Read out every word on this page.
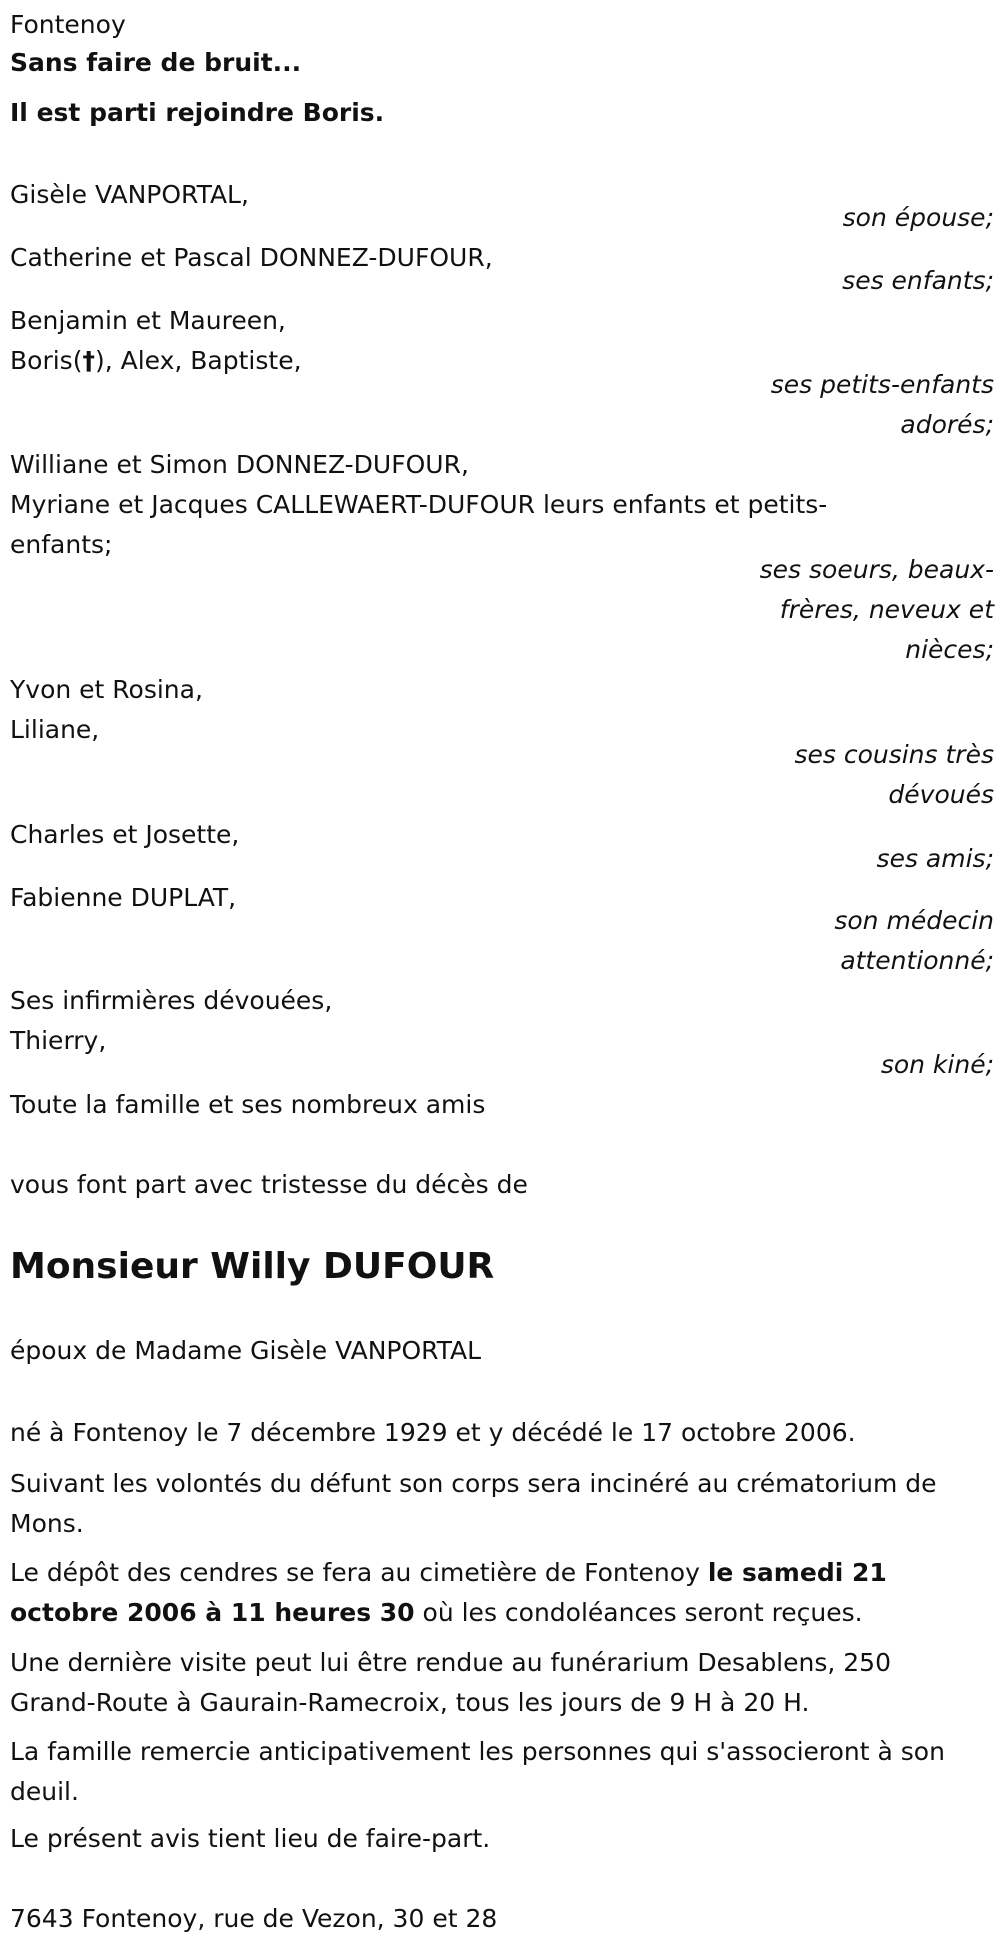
Fontenoy
Sans faire de bruit...
Il est parti rejoindre Boris.
Gisèle VANPORTAL,
son épouse;
Catherine et Pascal DONNEZ-DUFOUR,
ses enfants;
Benjamin et Maureen,
Boris(†), Alex, Baptiste,
ses petits-enfants
adorés;
Williane et Simon DONNEZ-DUFOUR,
Myriane et Jacques CALLEWAERT-DUFOUR leurs enfants et petits-
enfants;
ses soeurs, beaux-
frères, neveux et
nièces;
Yvon et Rosina,
Liliane,
ses cousins très
dévoués
Charles et Josette,
ses amis;
Fabienne DUPLAT,
son médecin
attentionné;
Ses infirmières dévouées,
Thierry,
son kiné;
Toute la famille et ses nombreux amis
vous font part avec tristesse du décès de
Monsieur Willy DUFOUR
époux de Madame Gisèle VANPORTAL
né à Fontenoy le 7 décembre 1929 et y décédé le 17 octobre 2006.
Suivant les volontés du défunt son corps sera incinéré au crématorium de Mons.
Le dépôt des cendres se fera au cimetière de Fontenoy le samedi 21 octobre 2006 à 11 heures 30 où les condoléances seront reçues.
Une dernière visite peut lui être rendue au funérarium Desablens, 250 Grand-Route à Gaurain-Ramecroix, tous les jours de 9 H à 20 H.
La famille remercie anticipativement les personnes qui s'associeront à son deuil.
Le présent avis tient lieu de faire-part.
7643 Fontenoy, rue de Vezon, 30 et 28
